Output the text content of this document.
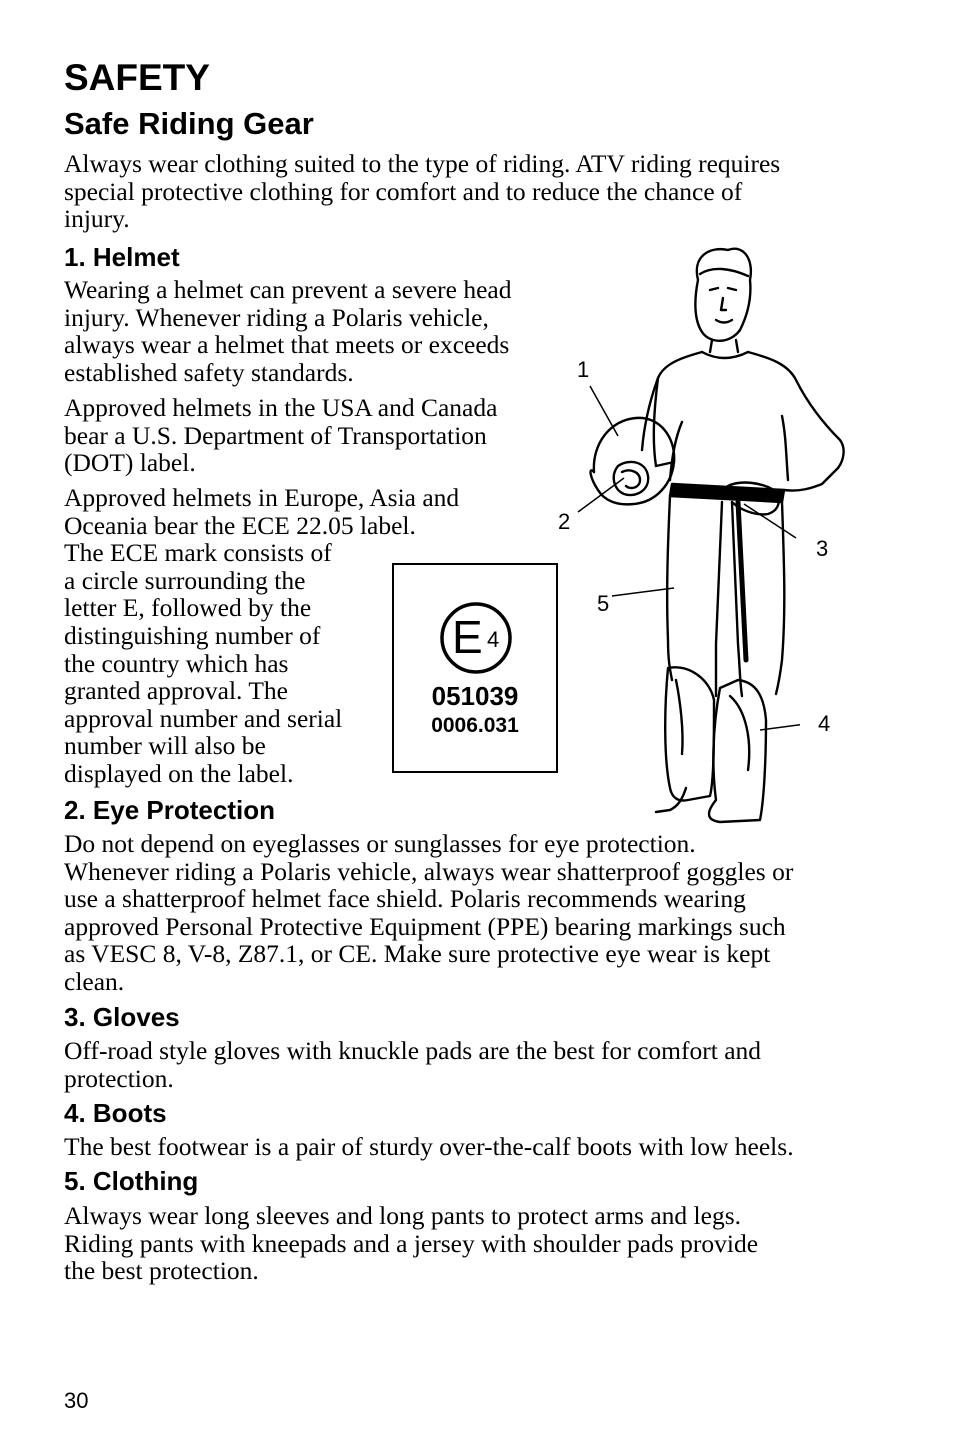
SAFETY
Safe Riding Gear
Always wear clothing suited to the type of riding. ATV riding requires
special protective clothing for comfort and to reduce the chance of
injury.
1. Helmet
Wearing a helmet can prevent a severe head
injury. Whenever riding a Polaris vehicle,
always wear a helmet that meets or exceeds
established safety standards.
Approved helmets in the USA and Canada
bear a U.S. Department of Transportation
(DOT) label.
Approved helmets in Europe, Asia and
Oceania bear the ECE 22.05 label.
The ECE mark consists of
a circle surrounding the
letter E, followed by the
distinguishing number of
the country which has
granted approval. The
approval number and serial
number will also be
displayed on the label.
E 4
051039
0006.031
1
2
3
4
5
2. Eye Protection
Do not depend on eyeglasses or sunglasses for eye protection.
Whenever riding a Polaris vehicle, always wear shatterproof goggles or
use a shatterproof helmet face shield. Polaris recommends wearing
approved Personal Protective Equipment (PPE) bearing markings such
as VESC 8, V-8, Z87.1, or CE. Make sure protective eye wear is kept
clean.
3. Gloves
Off-road style gloves with knuckle pads are the best for comfort and
protection.
4. Boots
The best footwear is a pair of sturdy over-the-calf boots with low heels.
5. Clothing
Always wear long sleeves and long pants to protect arms and legs.
Riding pants with kneepads and a jersey with shoulder pads provide
the best protection.
30
